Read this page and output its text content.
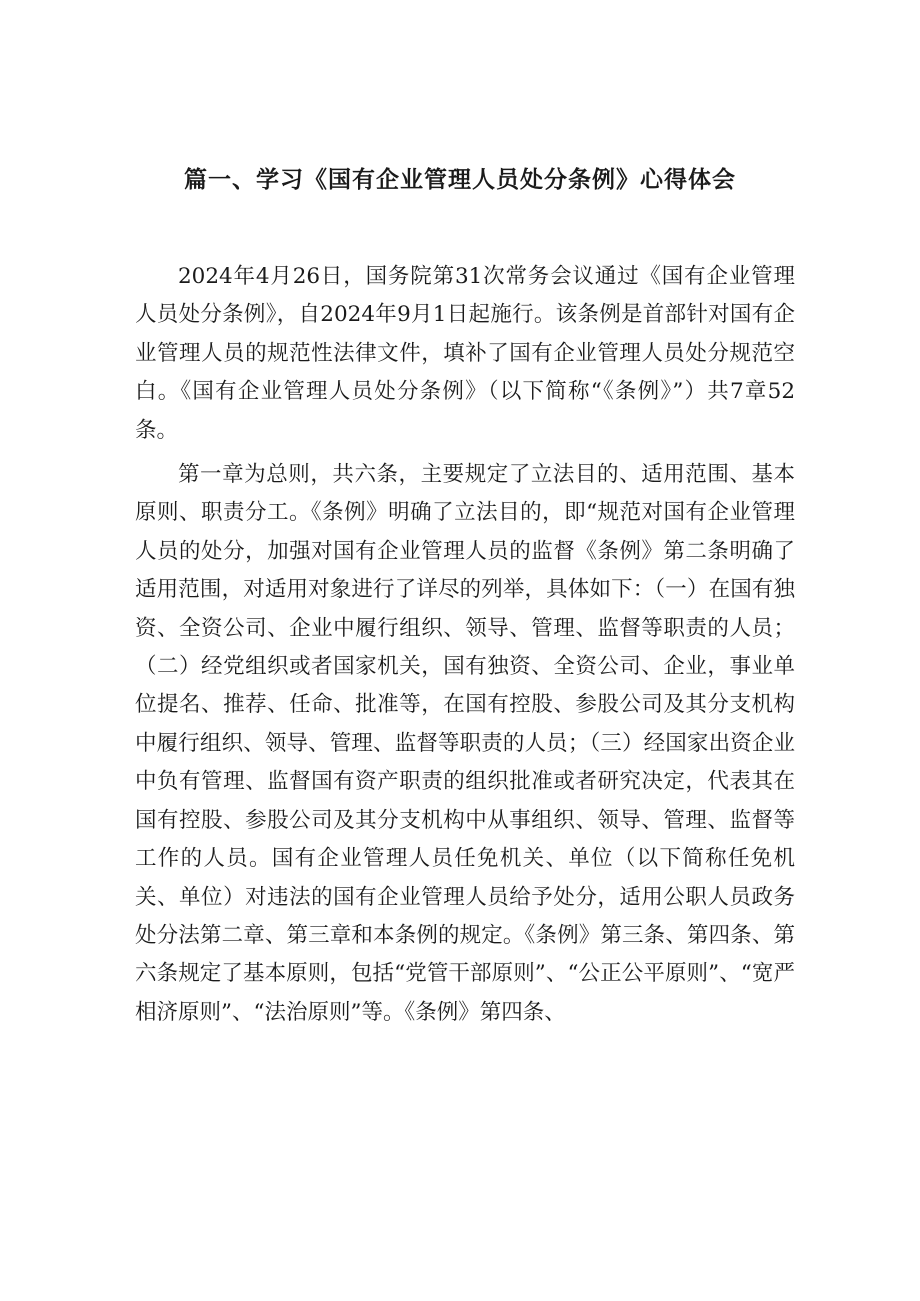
篇一、学习《国有企业管理人员处分条例》心得体会

2024年4月26日，国务院第31次常务会议通过《国有企业管理人员处分条例》，自2024年9月1日起施行。该条例是首部针对国有企业管理人员的规范性法律文件，填补了国有企业管理人员处分规范空白。《国有企业管理人员处分条例》（以下简称“《条例》”）共7章52条。

第一章为总则，共六条，主要规定了立法目的、适用范围、基本原则、职责分工。《条例》明确了立法目的，即“规范对国有企业管理人员的处分，加强对国有企业管理人员的监督《条例》第二条明确了适用范围，对适用对象进行了详尽的列举，具体如下：（一）在国有独资、全资公司、企业中履行组织、领导、管理、监督等职责的人员；（二）经党组织或者国家机关，国有独资、全资公司、企业，事业单位提名、推荐、任命、批准等，在国有控股、参股公司及其分支机构中履行组织、领导、管理、监督等职责的人员；（三）经国家出资企业中负有管理、监督国有资产职责的组织批准或者研究决定，代表其在国有控股、参股公司及其分支机构中从事组织、领导、管理、监督等工作的人员。国有企业管理人员任免机关、单位（以下简称任免机关、单位）对违法的国有企业管理人员给予处分，适用公职人员政务处分法第二章、第三章和本条例的规定。《条例》第三条、第四条、第六条规定了基本原则，包括“党管干部原则”、“公正公平原则”、“宽严相济原则”、“法治原则”等。《条例》第四条、
